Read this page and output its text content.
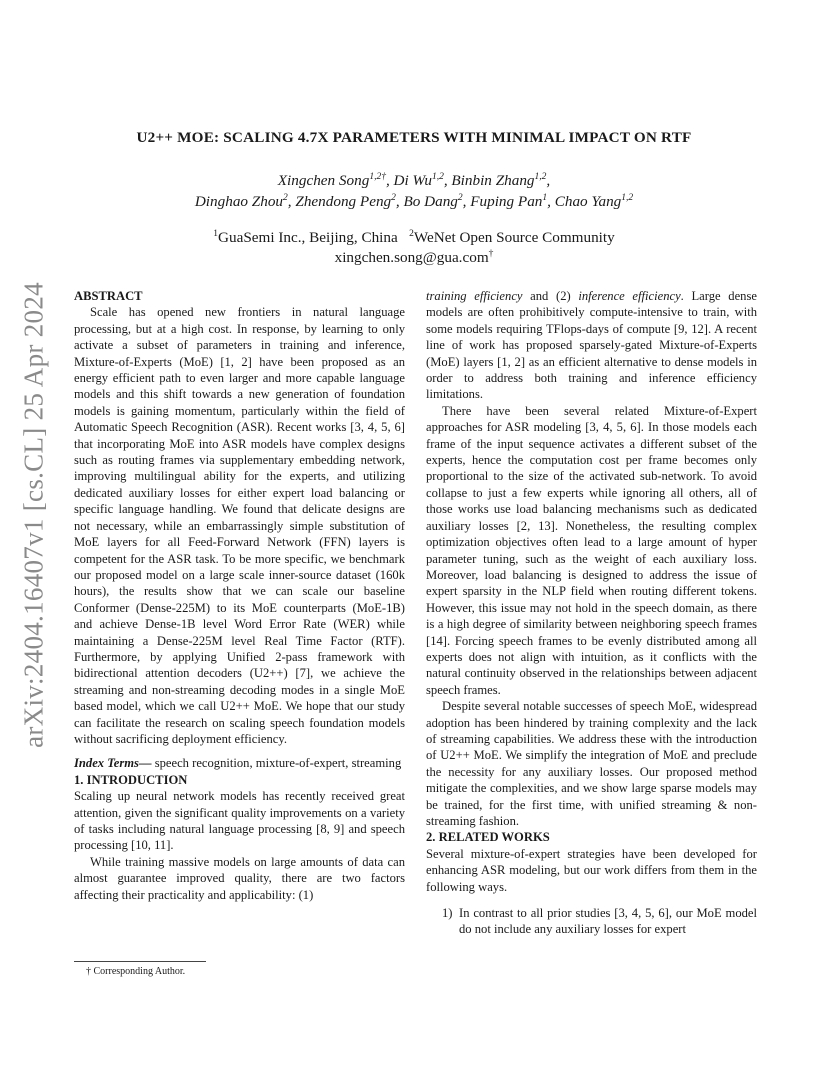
arXiv:2404.16407v1 [cs.CL] 25 Apr 2024
U2++ MOE: SCALING 4.7X PARAMETERS WITH MINIMAL IMPACT ON RTF
Xingchen Song$^{1,2\dagger}$, Di Wu$^{1,2}$, Binbin Zhang$^{1,2}$,
Dinghao Zhou$^2$, Zhendong Peng$^2$, Bo Dang$^2$, Fuping Pan$^1$, Chao Yang$^{1,2}$
$^1$GuaSemi Inc., Beijing, China $^2$WeNet Open Source Community
xingchen.song@gua.com†

ABSTRACT

Scale has opened new frontiers in natural language processing, but at a high cost. In response, by learning to only activate a subset of parameters in training and inference, Mixture-of-Experts (MoE) [1, 2] have been proposed as an energy efficient path to even larger and more capable language models and this shift towards a new generation of foundation models is gaining momentum, particularly within the field of Automatic Speech Recognition (ASR). Recent works [3, 4, 5, 6] that incorporating MoE into ASR models have complex designs such as routing frames via supplementary embedding network, improving multilingual ability for the experts, and utilizing dedicated auxiliary losses for either expert load balancing or specific language handling. We found that delicate designs are not necessary, while an embarrassingly simple substitution of MoE layers for all Feed-Forward Network (FFN) layers is competent for the ASR task. To be more specific, we benchmark our proposed model on a large scale inner-source dataset (160k hours), the results show that we can scale our baseline Conformer (Dense-225M) to its MoE counterparts (MoE-1B) and achieve Dense-1B level Word Error Rate (WER) while maintaining a Dense-225M level Real Time Factor (RTF). Furthermore, by applying Unified 2-pass framework with bidirectional attention decoders (U2++) [7], we achieve the streaming and non-streaming decoding modes in a single MoE based model, which we call U2++ MoE. We hope that our study can facilitate the research on scaling speech foundation models without sacrificing deployment efficiency.

Index Terms— speech recognition, mixture-of-expert, streaming

1. INTRODUCTION

Scaling up neural network models has recently received great attention, given the significant quality improvements on a variety of tasks including natural language processing [8, 9] and speech processing [10, 11].

While training massive models on large amounts of data can almost guarantee improved quality, there are two factors affecting their practicality and applicability: (1)

training efficiency and (2) inference efficiency. Large dense models are often prohibitively compute-intensive to train, with some models requiring TFlops-days of compute [9, 12]. A recent line of work has proposed sparsely-gated Mixture-of-Experts (MoE) layers [1, 2] as an efficient alternative to dense models in order to address both training and inference efficiency limitations.

There have been several related Mixture-of-Expert approaches for ASR modeling [3, 4, 5, 6]. In those models each frame of the input sequence activates a different subset of the experts, hence the computation cost per frame becomes only proportional to the size of the activated sub-network. To avoid collapse to just a few experts while ignoring all others, all of those works use load balancing mechanisms such as dedicated auxiliary losses [2, 13]. Nonetheless, the resulting complex optimization objectives often lead to a large amount of hyper parameter tuning, such as the weight of each auxiliary loss. Moreover, load balancing is designed to address the issue of expert sparsity in the NLP field when routing different tokens. However, this issue may not hold in the speech domain, as there is a high degree of similarity between neighboring speech frames [14]. Forcing speech frames to be evenly distributed among all experts does not align with intuition, as it conflicts with the natural continuity observed in the relationships between adjacent speech frames.

Despite several notable successes of speech MoE, widespread adoption has been hindered by training complexity and the lack of streaming capabilities. We address these with the introduction of U2++ MoE. We simplify the integration of MoE and preclude the necessity for any auxiliary losses. Our proposed method mitigate the complexities, and we show large sparse models may be trained, for the first time, with unified streaming & non-streaming fashion.

2. RELATED WORKS

Several mixture-of-expert strategies have been developed for enhancing ASR modeling, but our work differs from them in the following ways.

1) In contrast to all prior studies [3, 4, 5, 6], our MoE model do not include any auxiliary losses for expert
† Corresponding Author.
